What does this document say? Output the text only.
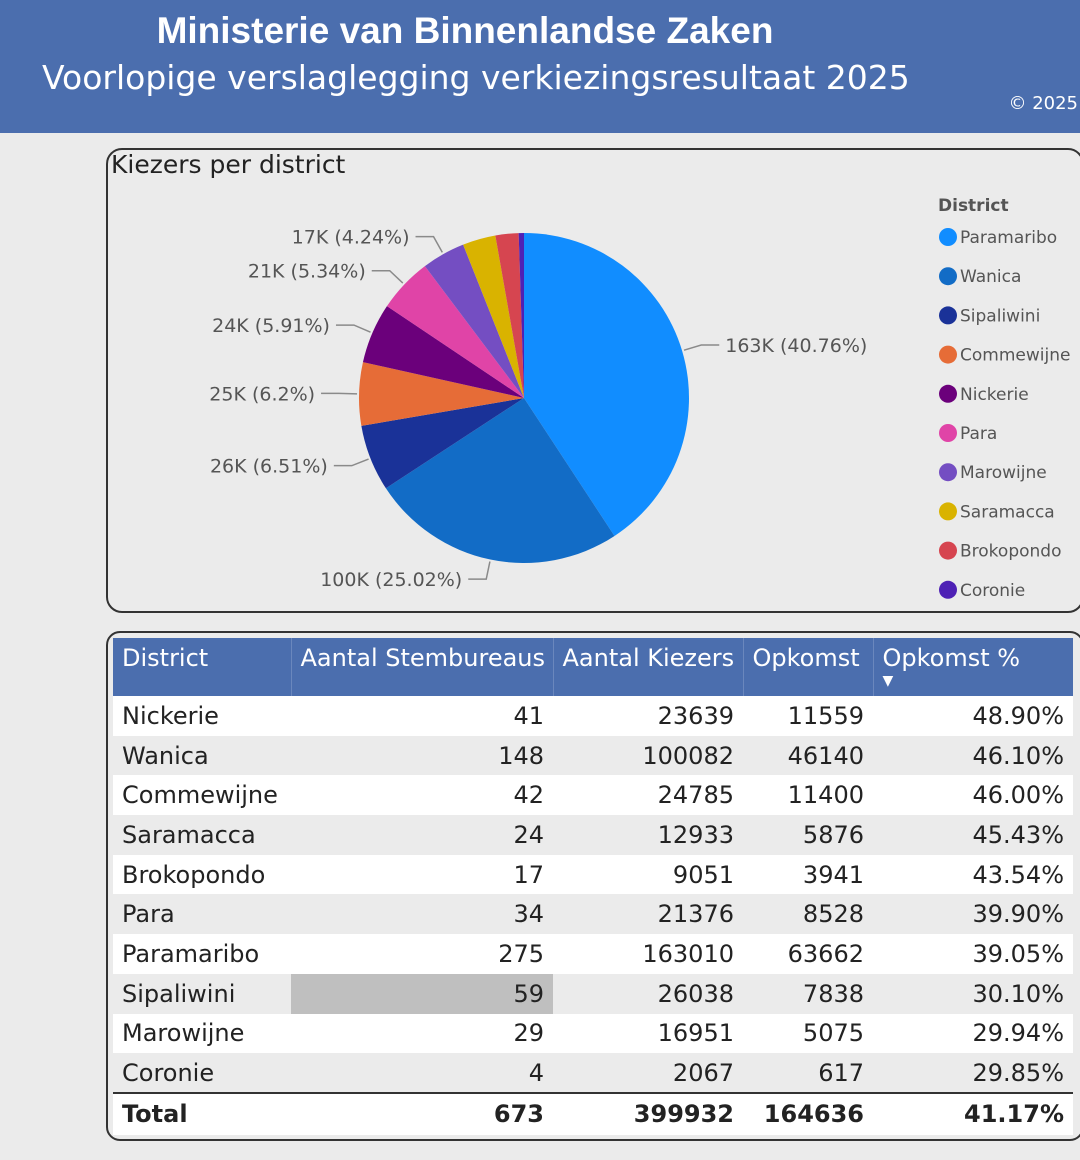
Ministerie van Binnenlandse Zaken
Voorlopige verslaglegging verkiezingsresultaat 2025
© 2025
Kiezers per district
163K (40.76%)
100K (25.02%)
26K (6.51%)
25K (6.2%)
24K (5.91%)
21K (5.34%)
17K (4.24%)
District
Paramaribo
Wanica
Sipaliwini
Commewijne
Nickerie
Para
Marowijne
Saramacca
Brokopondo
Coronie
District	Aantal Stembureaus	Aantal Kiezers	Opkomst	Opkomst %
▼

Nickerie	41	23639	11559	48.90%
Wanica	148	100082	46140	46.10%
Commewijne	42	24785	11400	46.00%
Saramacca	24	12933	5876	45.43%
Brokopondo	17	9051	3941	43.54%
Para	34	21376	8528	39.90%
Paramaribo	275	163010	63662	39.05%
Sipaliwini	59	26038	7838	30.10%
Marowijne	29	16951	5075	29.94%
Coronie	4	2067	617	29.85%
Total	673	399932	164636	41.17%
